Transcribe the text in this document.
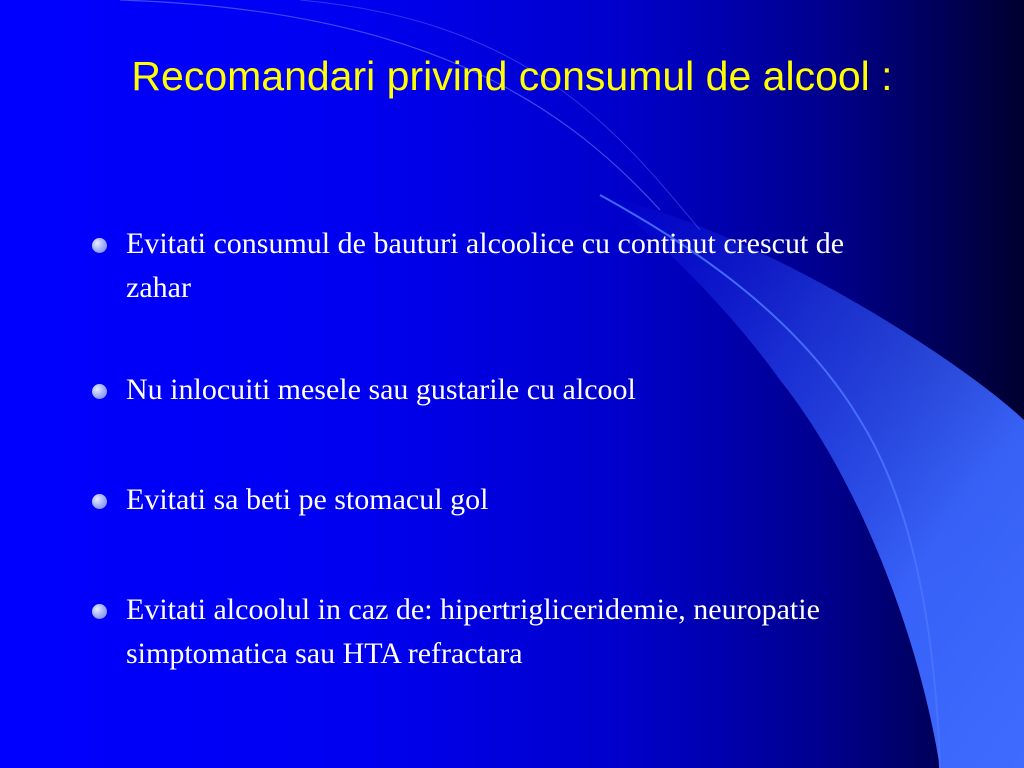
Recomandari privind consumul de alcool :
Evitati consumul de bauturi alcoolice cu continut crescut de zahar
Nu inlocuiti mesele sau gustarile cu alcool
Evitati sa beti pe stomacul gol
Evitati alcoolul in caz de: hipertrigliceridemie, neuropatie simptomatica sau HTA refractara
